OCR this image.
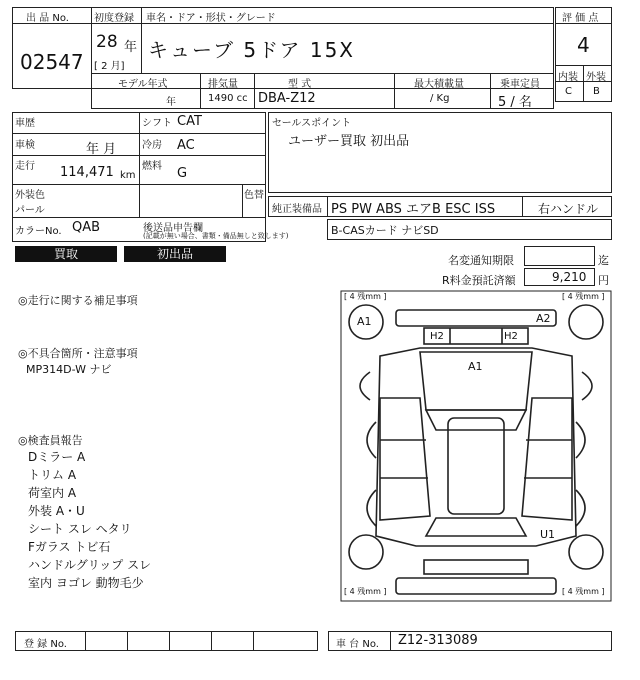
出 品 No.
02547
初度登録 車名・ドア・形状・グレード
28 年
[ 2 月]
キューブ 5ドア 15X
モデル年式	排気量	型 式	最大積載量	乗車定員
年	1490 cc DBA-Z12	/ Kg	5 / 名
評 価 点
4
内装 外装
C B
車歴	シフト CAT
車検	年 月	冷房 AC
走行 114,471 km
燃料 G
外装色
パール
色替
カラーNo. QAB	後送品申告欄
(記載が無い場合、書類・備品無しと致します)
セールスポイント
ユーザー買取 初出品
純正装備品 PS PW ABS エアB ESC ISS	右ハンドル
B-CASカード ナビSD
買取	初出品	名変通知期限	迄
R料金預託済額	9,210 円
◎走行に関する補足事項
◎不具合箇所・注意事項
MP314D-W ナビ
◎検査員報告
Dミラー A
トリム A
荷室内 A
外装 A・U
シート スレ ヘタリ
Fガラス トビ石
ハンドルグリップ スレ
室内 ヨゴレ 動物毛少
[ 4 残mm ]	[ 4 残mm ]
[ 4 残mm ]	[ 4 残mm ]
A1	A2
H2	H2
A1
U1
登 録 No.	車 台 No. Z12-313089
